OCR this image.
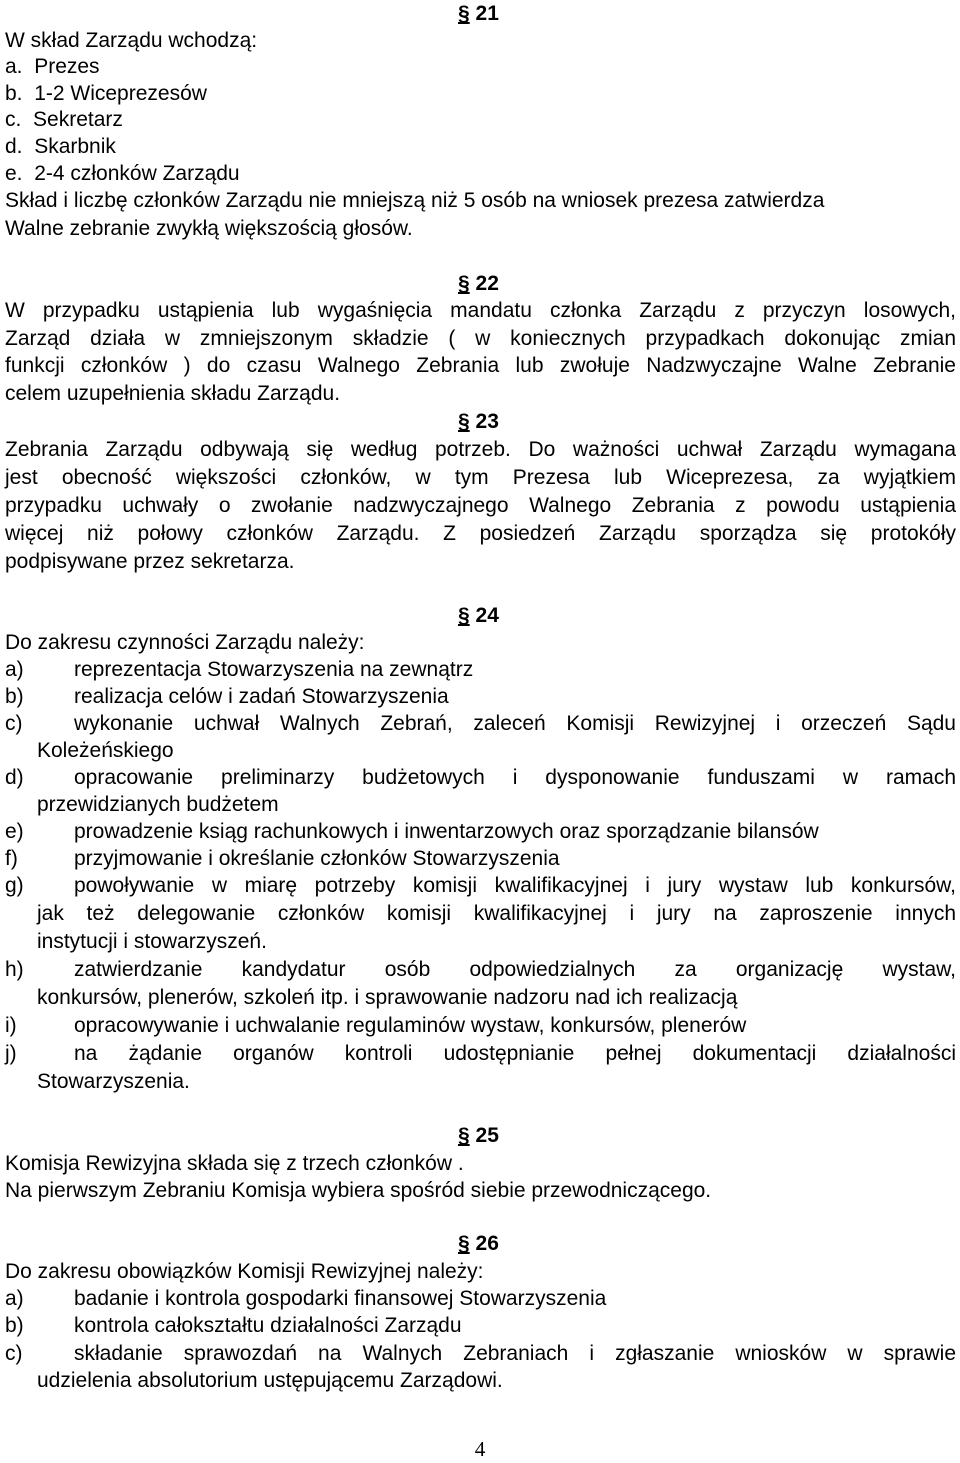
§ 21
W skład Zarządu wchodzą:
a. Prezes
b. 1-2 Wiceprezesów
c. Sekretarz
d. Skarbnik
e. 2-4 członków Zarządu
Skład i liczbę członków Zarządu nie mniejszą niż 5 osób na wniosek prezesa zatwierdza
Walne zebranie zwykłą większością głosów.
§ 22
W przypadku ustąpienia lub wygaśnięcia mandatu członka Zarządu z przyczyn losowych,
Zarząd działa w zmniejszonym składzie ( w koniecznych przypadkach dokonując zmian
funkcji członków ) do czasu Walnego Zebrania lub zwołuje Nadzwyczajne Walne Zebranie
celem uzupełnienia składu Zarządu.
§ 23
Zebrania Zarządu odbywają się według potrzeb. Do ważności uchwał Zarządu wymagana
jest obecność większości członków, w tym Prezesa lub Wiceprezesa, za wyjątkiem
przypadku uchwały o zwołanie nadzwyczajnego Walnego Zebrania z powodu ustąpienia
więcej niż połowy członków Zarządu. Z posiedzeń Zarządu sporządza się protokóły
podpisywane przez sekretarza.
§ 24
Do zakresu czynności Zarządu należy:
a) reprezentacja Stowarzyszenia na zewnątrz
b) realizacja celów i zadań Stowarzyszenia
c) wykonanie uchwał Walnych Zebrań, zaleceń Komisji Rewizyjnej i orzeczeń Sądu
Koleżeńskiego
d) opracowanie preliminarzy budżetowych i dysponowanie funduszami w ramach
przewidzianych budżetem
e) prowadzenie ksiąg rachunkowych i inwentarzowych oraz sporządzanie bilansów
f)	przyjmowanie i określanie członków Stowarzyszenia
g) powoływanie w miarę potrzeby komisji kwalifikacyjnej i jury wystaw lub konkursów,
jak też delegowanie członków komisji kwalifikacyjnej i jury na zaproszenie innych
instytucji i stowarzyszeń.
h) zatwierdzanie kandydatur osób odpowiedzialnych za organizację wystaw,
konkursów, plenerów, szkoleń itp. i sprawowanie nadzoru nad ich realizacją
i)	opracowywanie i uchwalanie regulaminów wystaw, konkursów, plenerów
j)	na żądanie organów kontroli udostępnianie pełnej dokumentacji działalności
Stowarzyszenia.
§ 25
Komisja Rewizyjna składa się z trzech członków .
Na pierwszym Zebraniu Komisja wybiera spośród siebie przewodniczącego.
§ 26
Do zakresu obowiązków Komisji Rewizyjnej należy:
a) badanie i kontrola gospodarki finansowej Stowarzyszenia
b) kontrola całokształtu działalności Zarządu
c) składanie sprawozdań na Walnych Zebraniach i zgłaszanie wniosków w sprawie
udzielenia absolutorium ustępującemu Zarządowi.
4
